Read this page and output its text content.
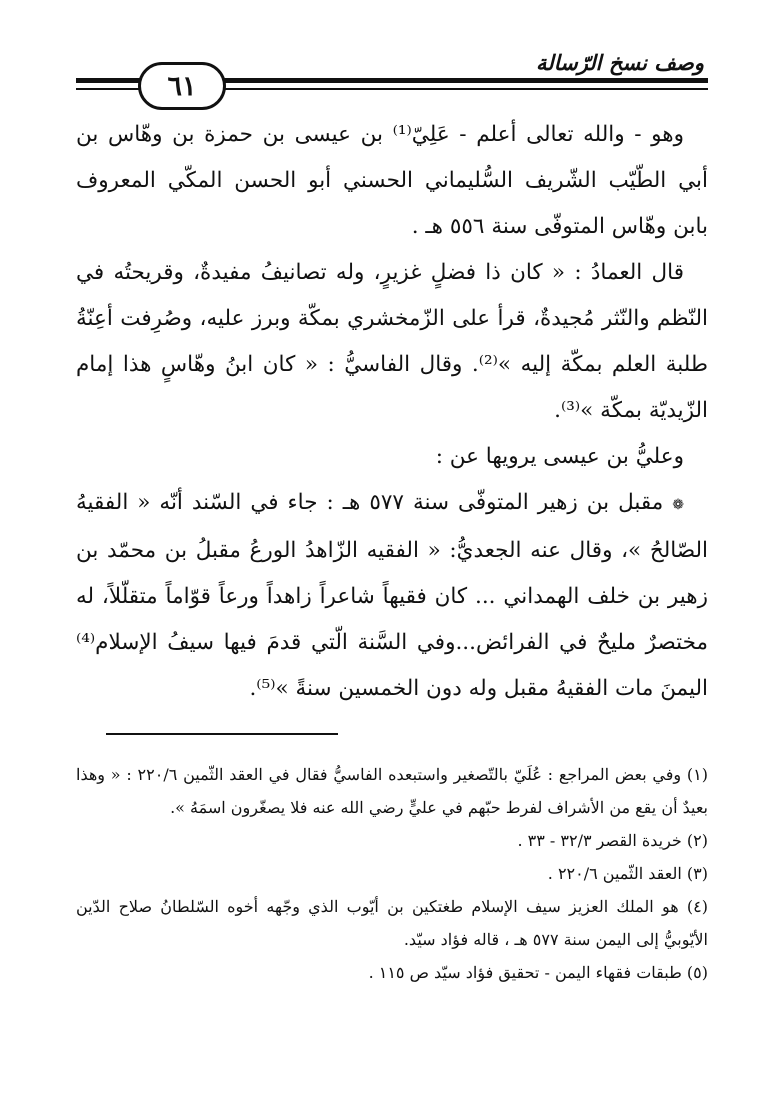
وصف نسخ الرّسالة
٦١

وهو - والله تعالى أعلم - عَلِيّ⁽¹⁾ بن عيسى بن حمزة بن وهّاس بن أبي الطّيّب الشّريف السُّليماني الحسني أبو الحسن المكّي المعروف بابن وهّاس المتوفّى سنة ٥٥٦ هـ .

قال العمادُ : « كان ذا فضلٍ غزيرٍ، وله تصانيفُ مفيدةٌ، وقريحتُه في النّظم والنّثر مُجيدةٌ، قرأ على الزّمخشري بمكّة وبرز عليه، وصُرِفت أعِنّةُ طلبة العلم بمكّة إليه »⁽²⁾. وقال الفاسيُّ : « كان ابنُ وهّاسٍ هذا إمام الزّيديّة بمكّة »⁽³⁾.

وعليُّ بن عيسى يرويها عن :

❁ مقبل بن زهير المتوفّى سنة ٥٧٧ هـ : جاء في السّند أنّه « الفقيهُ الصّالحُ »، وقال عنه الجعديُّ: « الفقيه الزّاهدُ الورعُ مقبلُ بن محمّد بن زهير بن خلف الهمداني ... كان فقيهاً شاعراً زاهداً ورعاً قوّاماً متقلّلاً، له مختصرٌ مليحٌ في الفرائض...وفي السَّنة الّتي قدمَ فيها سيفُ الإسلام⁽⁴⁾ اليمنَ مات الفقيهُ مقبل وله دون الخمسين سنةً »⁽⁵⁾.

(١) وفي بعض المراجع : عُلَيّ بالتّصغير واستبعده الفاسيُّ فقال في العقد الثّمين ٢٢٠/٦ : « وهذا بعيدٌ أن يقع من الأشراف لفرط حبّهم في عليٍّ رضي الله عنه فلا يصغّرون اسمَهُ ».

(٢) خريدة القصر ٣٢/٣ - ٣٣ .

(٣) العقد الثّمين ٢٢٠/٦ .

(٤) هو الملك العزيز سيف الإسلام طغتكين بن أيّوب الذي وجّهه أخوه السّلطانُ صلاح الدّين الأيّوبيُّ إلى اليمن سنة ٥٧٧ هـ ، قاله فؤاد سيّد.

(٥) طبقات فقهاء اليمن - تحقيق فؤاد سيّد ص ١١٥ .
